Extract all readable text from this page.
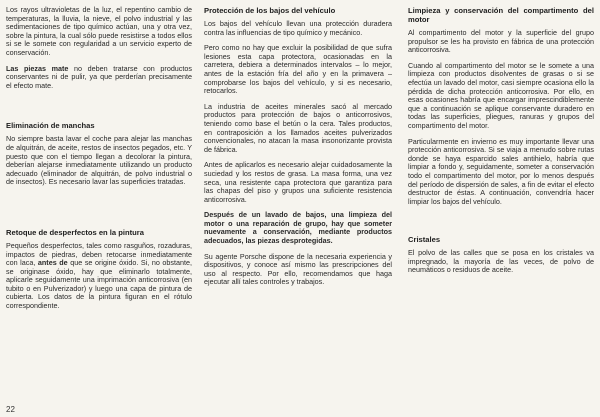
Los rayos ultravioletas de la luz, el repentino cambio de temperaturas, la lluvia, la nieve, el polvo industrial y las sedimentaciones de tipo químico actúan, una y otra vez, sobre la pintura, la cual sólo puede resistirse a todos ellos si se le somete con regularidad a un servicio experto de conservación.

Las piezas mate no deben tratarse con productos conservantes ni de pulir, ya que perderían precisamente el efecto mate.

Eliminación de manchas

No siempre basta lavar el coche para alejar las manchas de alquitrán, de aceite, restos de insectos pegados, etc. Y puesto que con el tiempo llegan a decolorar la pintura, deberían alejarse inmediatamente utilizando un producto adecuado (eliminador de alquitrán, de polvo industrial o de insectos). Es necesario lavar las superficies tratadas.

Retoque de desperfectos en la pintura

Pequeños desperfectos, tales como rasguños, rozaduras, impactos de piedras, deben retocarse inmediatamente con laca, antes de que se origine óxido. Si, no obstante, se originase óxido, hay que eliminarlo totalmente, aplicarle seguidamente una imprimación anticorrosiva (en tubito o en Pulverizador) y luego una capa de pintura de cubierta. Los datos de la pintura figuran en el rótulo correspondiente.

Protección de los bajos del vehículo

Los bajos del vehículo llevan una protección duradera contra las influencias de tipo químico y mecánico.

Pero como no hay que excluir la posibilidad de que sufra lesiones esta capa protectora, ocasionadas en la carretera, debiera a determinados intervalos – lo mejor, antes de la estación fría del año y en la primavera – comprobarse los bajos del vehículo, y si es necesario, retocarlos.

La industria de aceites minerales sacó al mercado productos para protección de bajos o anticorrosivos, teniendo como base el betún o la cera. Tales productos, en contraposición a los llamados aceites pulverizados convencionales, no atacan la masa insonorizante provista de fábrica.

Antes de aplicarlos es necesario alejar cuidadosamente la suciedad y los restos de grasa. La masa forma, una vez seca, una resistente capa protectora que garantiza para las chapas del piso y grupos una suficiente resistencia anticorrosiva.

Después de un lavado de bajos, una limpieza del motor o una reparación de grupo, hay que someter nuevamente a conservación, mediante productos adecuados, las piezas desprotegidas.

Su agente Porsche dispone de la necesaria experiencia y dispositivos, y conoce así mismo las prescripciones del uso al respecto. Por ello, recomendamos que haga ejecutar allí tales controles y trabajos.

Limpieza y conservación del compartimento del motor

Al compartimento del motor y la superficie del grupo propulsor se les ha provisto en fábrica de una protección anticorrosiva.

Cuando al compartimento del motor se le somete a una limpieza con productos disolventes de grasas o si se efectúa un lavado del motor, casi siempre ocasiona ello la pérdida de dicha protección anticorrosiva. Por ello, en esas ocasiones habría que encargar imprescindiblemente que a continuación se aplique conservante duradero en todas las superficies, pliegues, ranuras y grupos del compartimento del motor.

Particularmente en invierno es muy importante llevar una protección anticorrosiva. Si se viaja a menudo sobre rutas donde se haya esparcido sales antihielo, habría que limpiar a fondo y, seguidamente, someter a conservación todo el compartimento del motor, por lo menos después del período de dispersión de sales, a fin de evitar el efecto destructor de éstas. A continuación, convendría hacer limpiar los bajos del vehículo.

Cristales

El polvo de las calles que se posa en los cristales va impregnado, la mayoría de las veces, de polvo de neumáticos o residuos de aceite.

22
